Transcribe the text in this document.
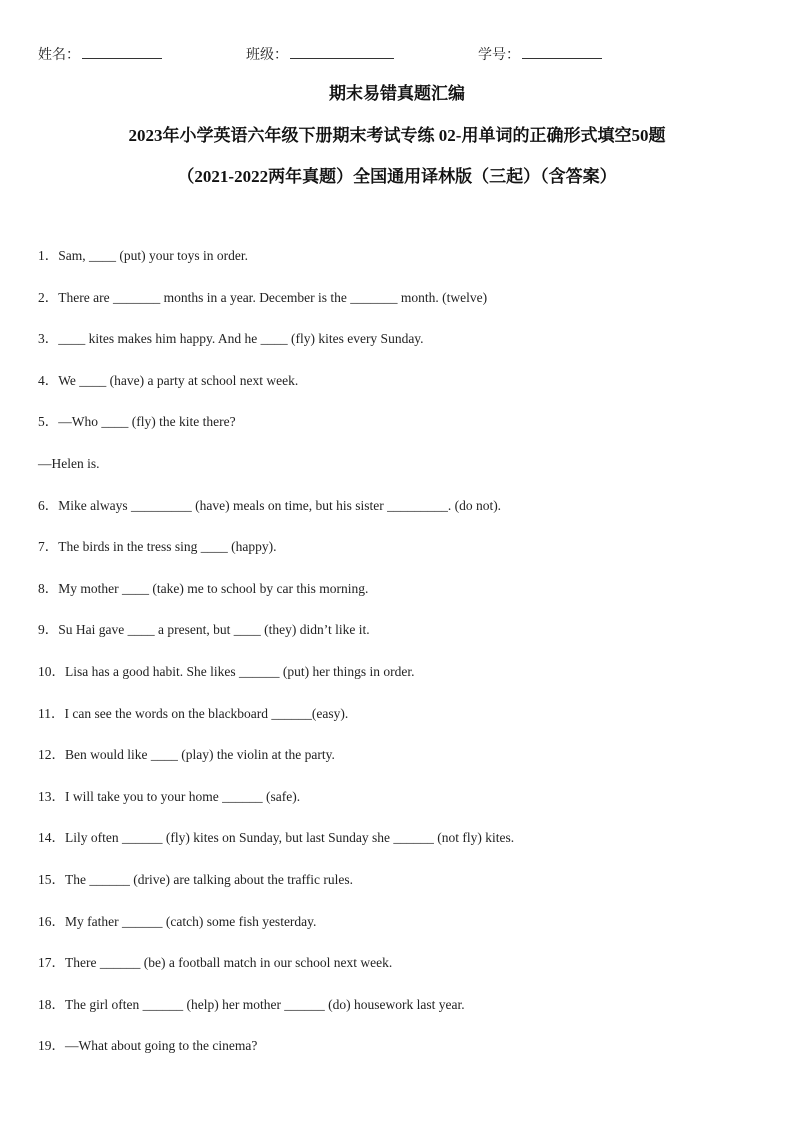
姓名：	班级：	学号：
期末易错真题汇编
2023年小学英语六年级下册期末考试专练 02-用单词的正确形式填空50题
（2021-2022两年真题）全国通用译林版（三起）（含答案）
1．Sam, ____ (put) your toys in order.
2．There are _______ months in a year. December is the _______ month. (twelve)
3．____ kites makes him happy. And he ____ (fly) kites every Sunday.
4．We ____ (have) a party at school next week.
5．—Who ____ (fly) the kite there?
—Helen is.
6．Mike always _________ (have) meals on time, but his sister _________. (do not).
7．The birds in the tress sing ____ (happy).
8．My mother ____ (take) me to school by car this morning.
9．Su Hai gave ____ a present, but ____ (they) didn’t like it.
10．Lisa has a good habit. She likes ______ (put) her things in order.
11．I can see the words on the blackboard ______(easy).
12．Ben would like ____ (play) the violin at the party.
13．I will take you to your home ______ (safe).
14．Lily often ______ (fly) kites on Sunday, but last Sunday she ______ (not fly) kites.
15．The ______ (drive) are talking about the traffic rules.
16．My father ______ (catch) some fish yesterday.
17．There ______ (be) a football match in our school next week.
18．The girl often ______ (help) her mother ______ (do) housework last year.
19．—What about going to the cinema?
